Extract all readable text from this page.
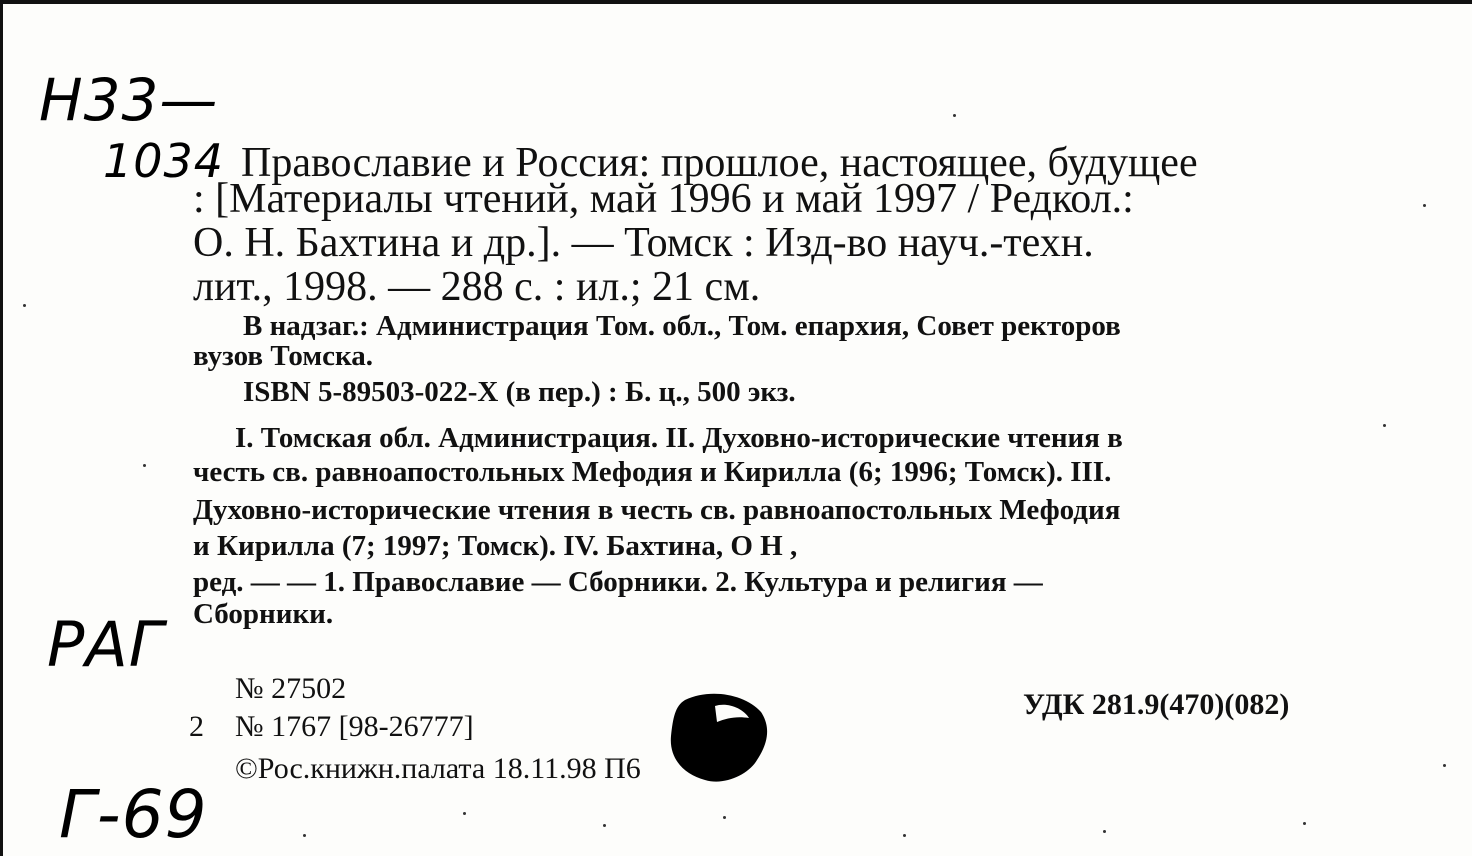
Н33—
1034
РАГ
Г-69
Православие и Россия: прошлое, настоящее, будущее
: [Материалы чтений, май 1996 и май 1997 / Редкол.:
О. Н. Бахтина и др.]. — Томск : Изд-во науч.-техн.
лит., 1998. — 288 с. : ил.; 21 см.
В надзаг.: Администрация Том. обл., Том. епархия, Совет ректоров
вузов Томска.
ISBN 5-89503-022-X (в пер.) : Б. ц., 500 экз.
I. Томская обл. Администрация. II. Духовно-исторические чтения в
честь св. равноапостольных Мефодия и Кирилла (6; 1996; Томск). III.
Духовно-исторические чтения в честь св. равноапостольных Мефодия
и Кирилла (7; 1997; Томск). IV. Бахтина, О Н ,
ред. — — 1. Православие — Сборники. 2. Культура и религия —
Сборники.
№ 27502
2 № 1767 [98-26777]
©Рос.книжн.палата 18.11.98 П6
УДК 281.9(470)(082)
